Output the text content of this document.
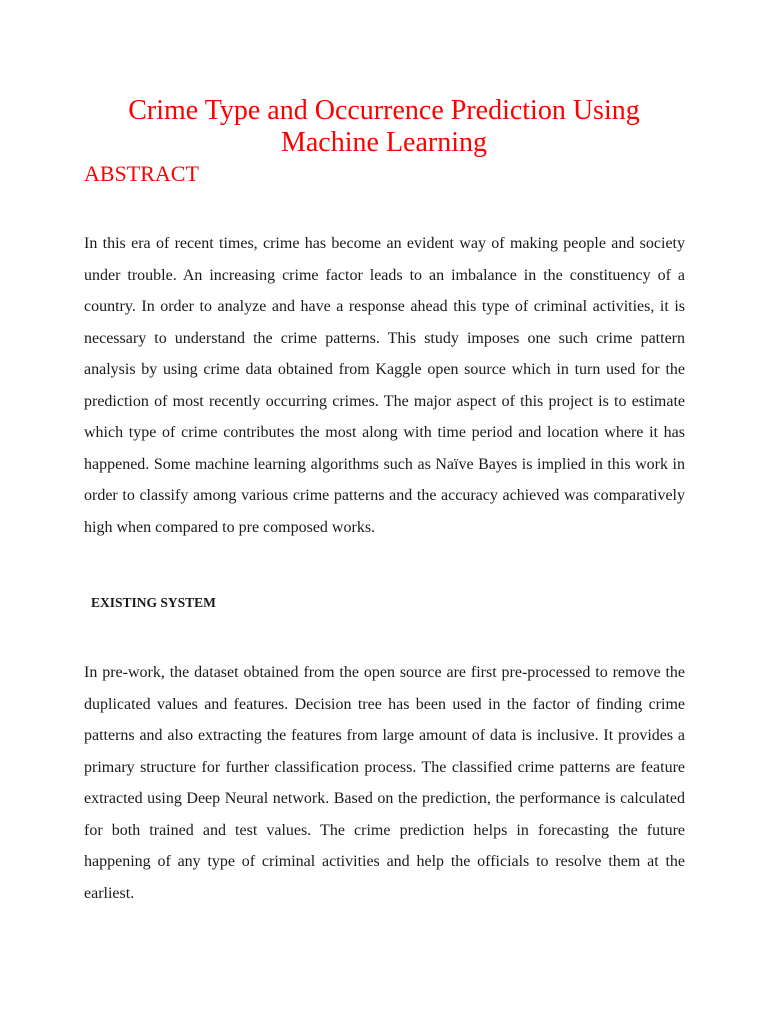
Crime Type and Occurrence Prediction Using Machine Learning
ABSTRACT

In this era of recent times, crime has become an evident way of making people and society under trouble. An increasing crime factor leads to an imbalance in the constituency of a country. In order to analyze and have a response ahead this type of criminal activities, it is necessary to understand the crime patterns. This study imposes one such crime pattern analysis by using crime data obtained from Kaggle open source which in turn used for the prediction of most recently occurring crimes. The major aspect of this project is to estimate which type of crime contributes the most along with time period and location where it has happened. Some machine learning algorithms such as Naïve Bayes is implied in this work in order to classify among various crime patterns and the accuracy achieved was comparatively high when compared to pre composed works.

EXISTING SYSTEM

In pre-work, the dataset obtained from the open source are first pre-processed to remove the duplicated values and features. Decision tree has been used in the factor of finding crime patterns and also extracting the features from large amount of data is inclusive. It provides a primary structure for further classification process. The classified crime patterns are feature extracted using Deep Neural network. Based on the prediction, the performance is calculated for both trained and test values. The crime prediction helps in forecasting the future happening of any type of criminal activities and help the officials to resolve them at the earliest.
